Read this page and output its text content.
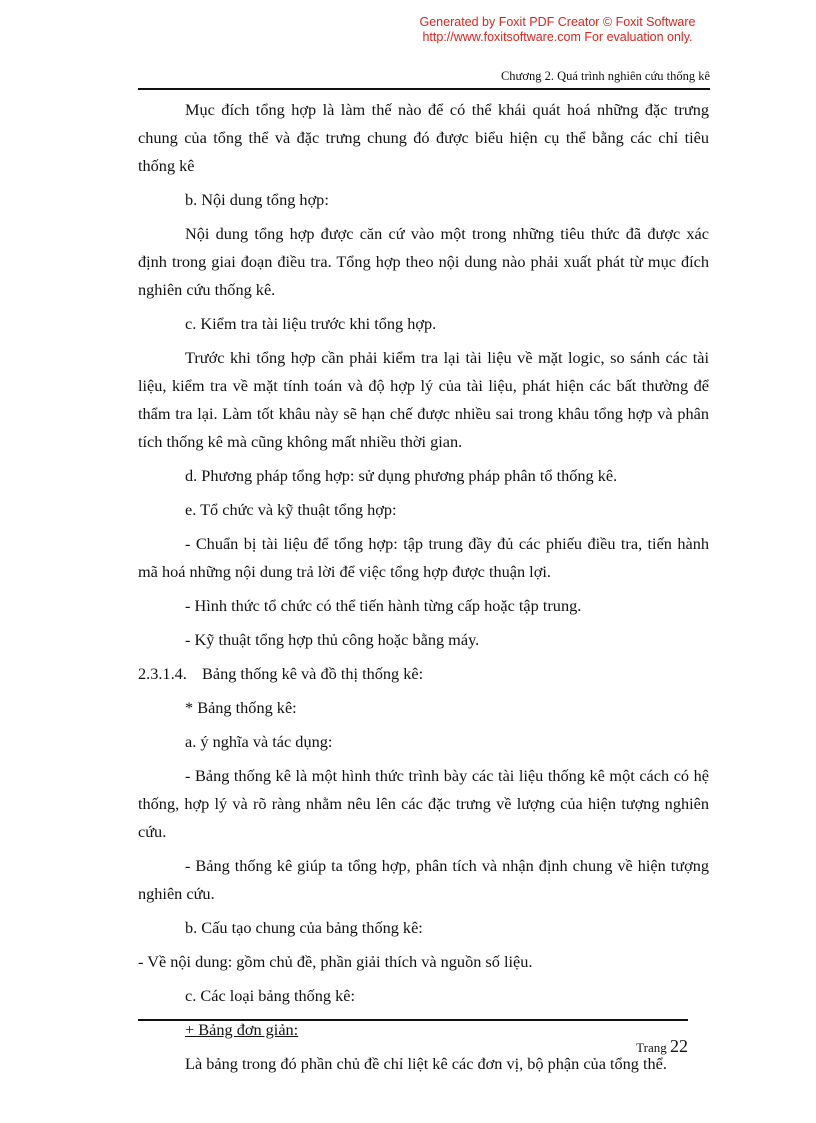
Generated by Foxit PDF Creator © Foxit Software
http://www.foxitsoftware.com For evaluation only.
Chương 2. Quá trình nghiên cứu thống kê

Mục đích tổng hợp là làm thế nào để có thể khái quát hoá những đặc trưng chung của tổng thể và đặc trưng chung đó được biểu hiện cụ thể bằng các chỉ tiêu thống kê

b. Nội dung tổng hợp:

Nội dung tổng hợp được căn cứ vào một trong những tiêu thức đã được xác định trong giai đoạn điều tra. Tổng hợp theo nội dung nào phải xuất phát từ mục đích nghiên cứu thống kê.

c. Kiểm tra tài liệu trước khi tổng hợp.

Trước khi tổng hợp cần phải kiểm tra lại tài liệu về mặt logic, so sánh các tài liệu, kiểm tra về mặt tính toán và độ hợp lý của tài liệu, phát hiện các bất thường để thẩm tra lại. Làm tốt khâu này sẽ hạn chế được nhiều sai trong khâu tổng hợp và phân tích thống kê mà cũng không mất nhiều thời gian.

d. Phương pháp tổng hợp: sử dụng phương pháp phân tổ thống kê.

e. Tổ chức và kỹ thuật tổng hợp:

- Chuẩn bị tài liệu để tổng hợp: tập trung đầy đủ các phiếu điều tra, tiến hành mã hoá những nội dung trả lời để việc tổng hợp được thuận lợi.

- Hình thức tổ chức có thể tiến hành từng cấp hoặc tập trung.

- Kỹ thuật tổng hợp thủ công hoặc bằng máy.

2.3.1.4. Bảng thống kê và đồ thị thống kê:

* Bảng thống kê:

a. ý nghĩa và tác dụng:

- Bảng thống kê là một hình thức trình bày các tài liệu thống kê một cách có hệ thống, hợp lý và rõ ràng nhằm nêu lên các đặc trưng về lượng của hiện tượng nghiên cứu.

- Bảng thống kê giúp ta tổng hợp, phân tích và nhận định chung về hiện tượng nghiên cứu.

b. Cấu tạo chung của bảng thống kê:

- Về nội dung: gồm chủ đề, phần giải thích và nguồn số liệu.

c. Các loại bảng thống kê:

+ Bảng đơn giản:

Là bảng trong đó phần chủ đề chỉ liệt kê các đơn vị, bộ phận của tổng thể.

Trang 22
